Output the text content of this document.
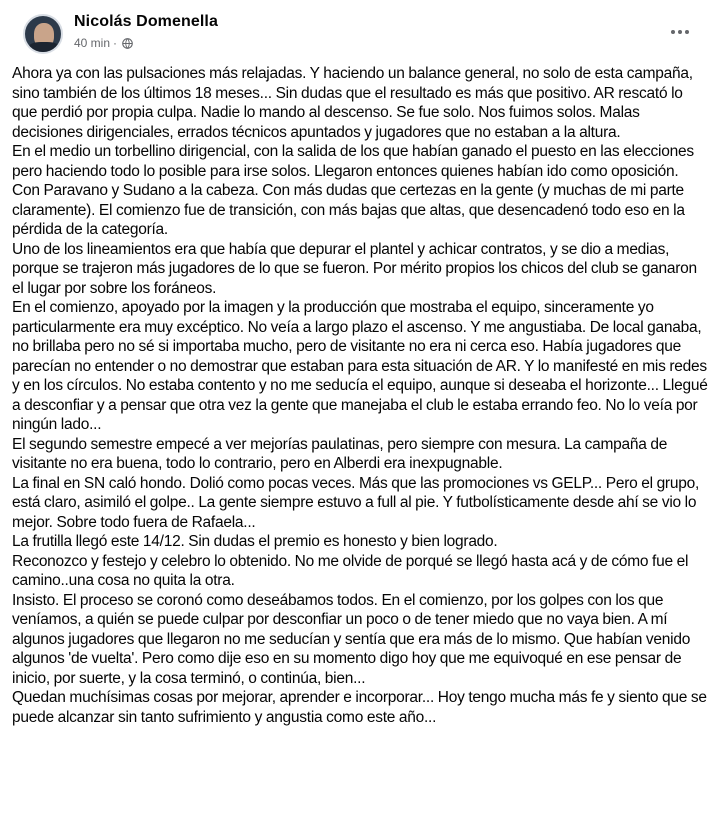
Nicolás Domenella
40 min ·

Ahora ya con las pulsaciones más relajadas. Y haciendo un balance general, no solo de esta campaña, sino también de los últimos 18 meses... Sin dudas que el resultado es más que positivo. AR rescató lo que perdió por propia culpa. Nadie lo mando al descenso. Se fue solo. Nos fuimos solos. Malas decisiones dirigenciales, errados técnicos apuntados y jugadores que no estaban a la altura.

En el medio un torbellino dirigencial, con la salida de los que habían ganado el puesto en las elecciones pero haciendo todo lo posible para irse solos. Llegaron entonces quienes habían ido como oposición. Con Paravano y Sudano a la cabeza. Con más dudas que certezas en la gente (y muchas de mi parte claramente). El comienzo fue de transición, con más bajas que altas, que desencadenó todo eso en la pérdida de la categoría.

Uno de los lineamientos era que había que depurar el plantel y achicar contratos, y se dio a medias, porque se trajeron más jugadores de lo que se fueron. Por mérito propios los chicos del club se ganaron el lugar por sobre los foráneos.

En el comienzo, apoyado por la imagen y la producción que mostraba el equipo, sinceramente yo particularmente era muy excéptico. No veía a largo plazo el ascenso. Y me angustiaba. De local ganaba, no brillaba pero no sé si importaba mucho, pero de visitante no era ni cerca eso. Había jugadores que parecían no entender o no demostrar que estaban para esta situación de AR. Y lo manifesté en mis redes y en los círculos. No estaba contento y no me seducía el equipo, aunque si deseaba el horizonte... Llegué a desconfiar y a pensar que otra vez la gente que manejaba el club le estaba errando feo. No lo veía por ningún lado...

El segundo semestre empecé a ver mejorías paulatinas, pero siempre con mesura. La campaña de visitante no era buena, todo lo contrario, pero en Alberdi era inexpugnable.

La final en SN caló hondo. Dolió como pocas veces. Más que las promociones vs GELP... Pero el grupo, está claro, asimiló el golpe.. La gente siempre estuvo a full al pie. Y futbolísticamente desde ahí se vio lo mejor. Sobre todo fuera de Rafaela...

La frutilla llegó este 14/12. Sin dudas el premio es honesto y bien logrado.

Reconozco y festejo y celebro lo obtenido. No me olvide de porqué se llegó hasta acá y de cómo fue el camino..una cosa no quita la otra.

Insisto. El proceso se coronó como deseábamos todos. En el comienzo, por los golpes con los que veníamos, a quién se puede culpar por desconfiar un poco o de tener miedo que no vaya bien. A mí algunos jugadores que llegaron no me seducían y sentía que era más de lo mismo. Que habían venido algunos 'de vuelta'. Pero como dije eso en su momento digo hoy que me equivoqué en ese pensar de inicio, por suerte, y la cosa terminó, o continúa, bien...

Quedan muchísimas cosas por mejorar, aprender e incorporar... Hoy tengo mucha más fe y siento que se puede alcanzar sin tanto sufrimiento y angustia como este año...
